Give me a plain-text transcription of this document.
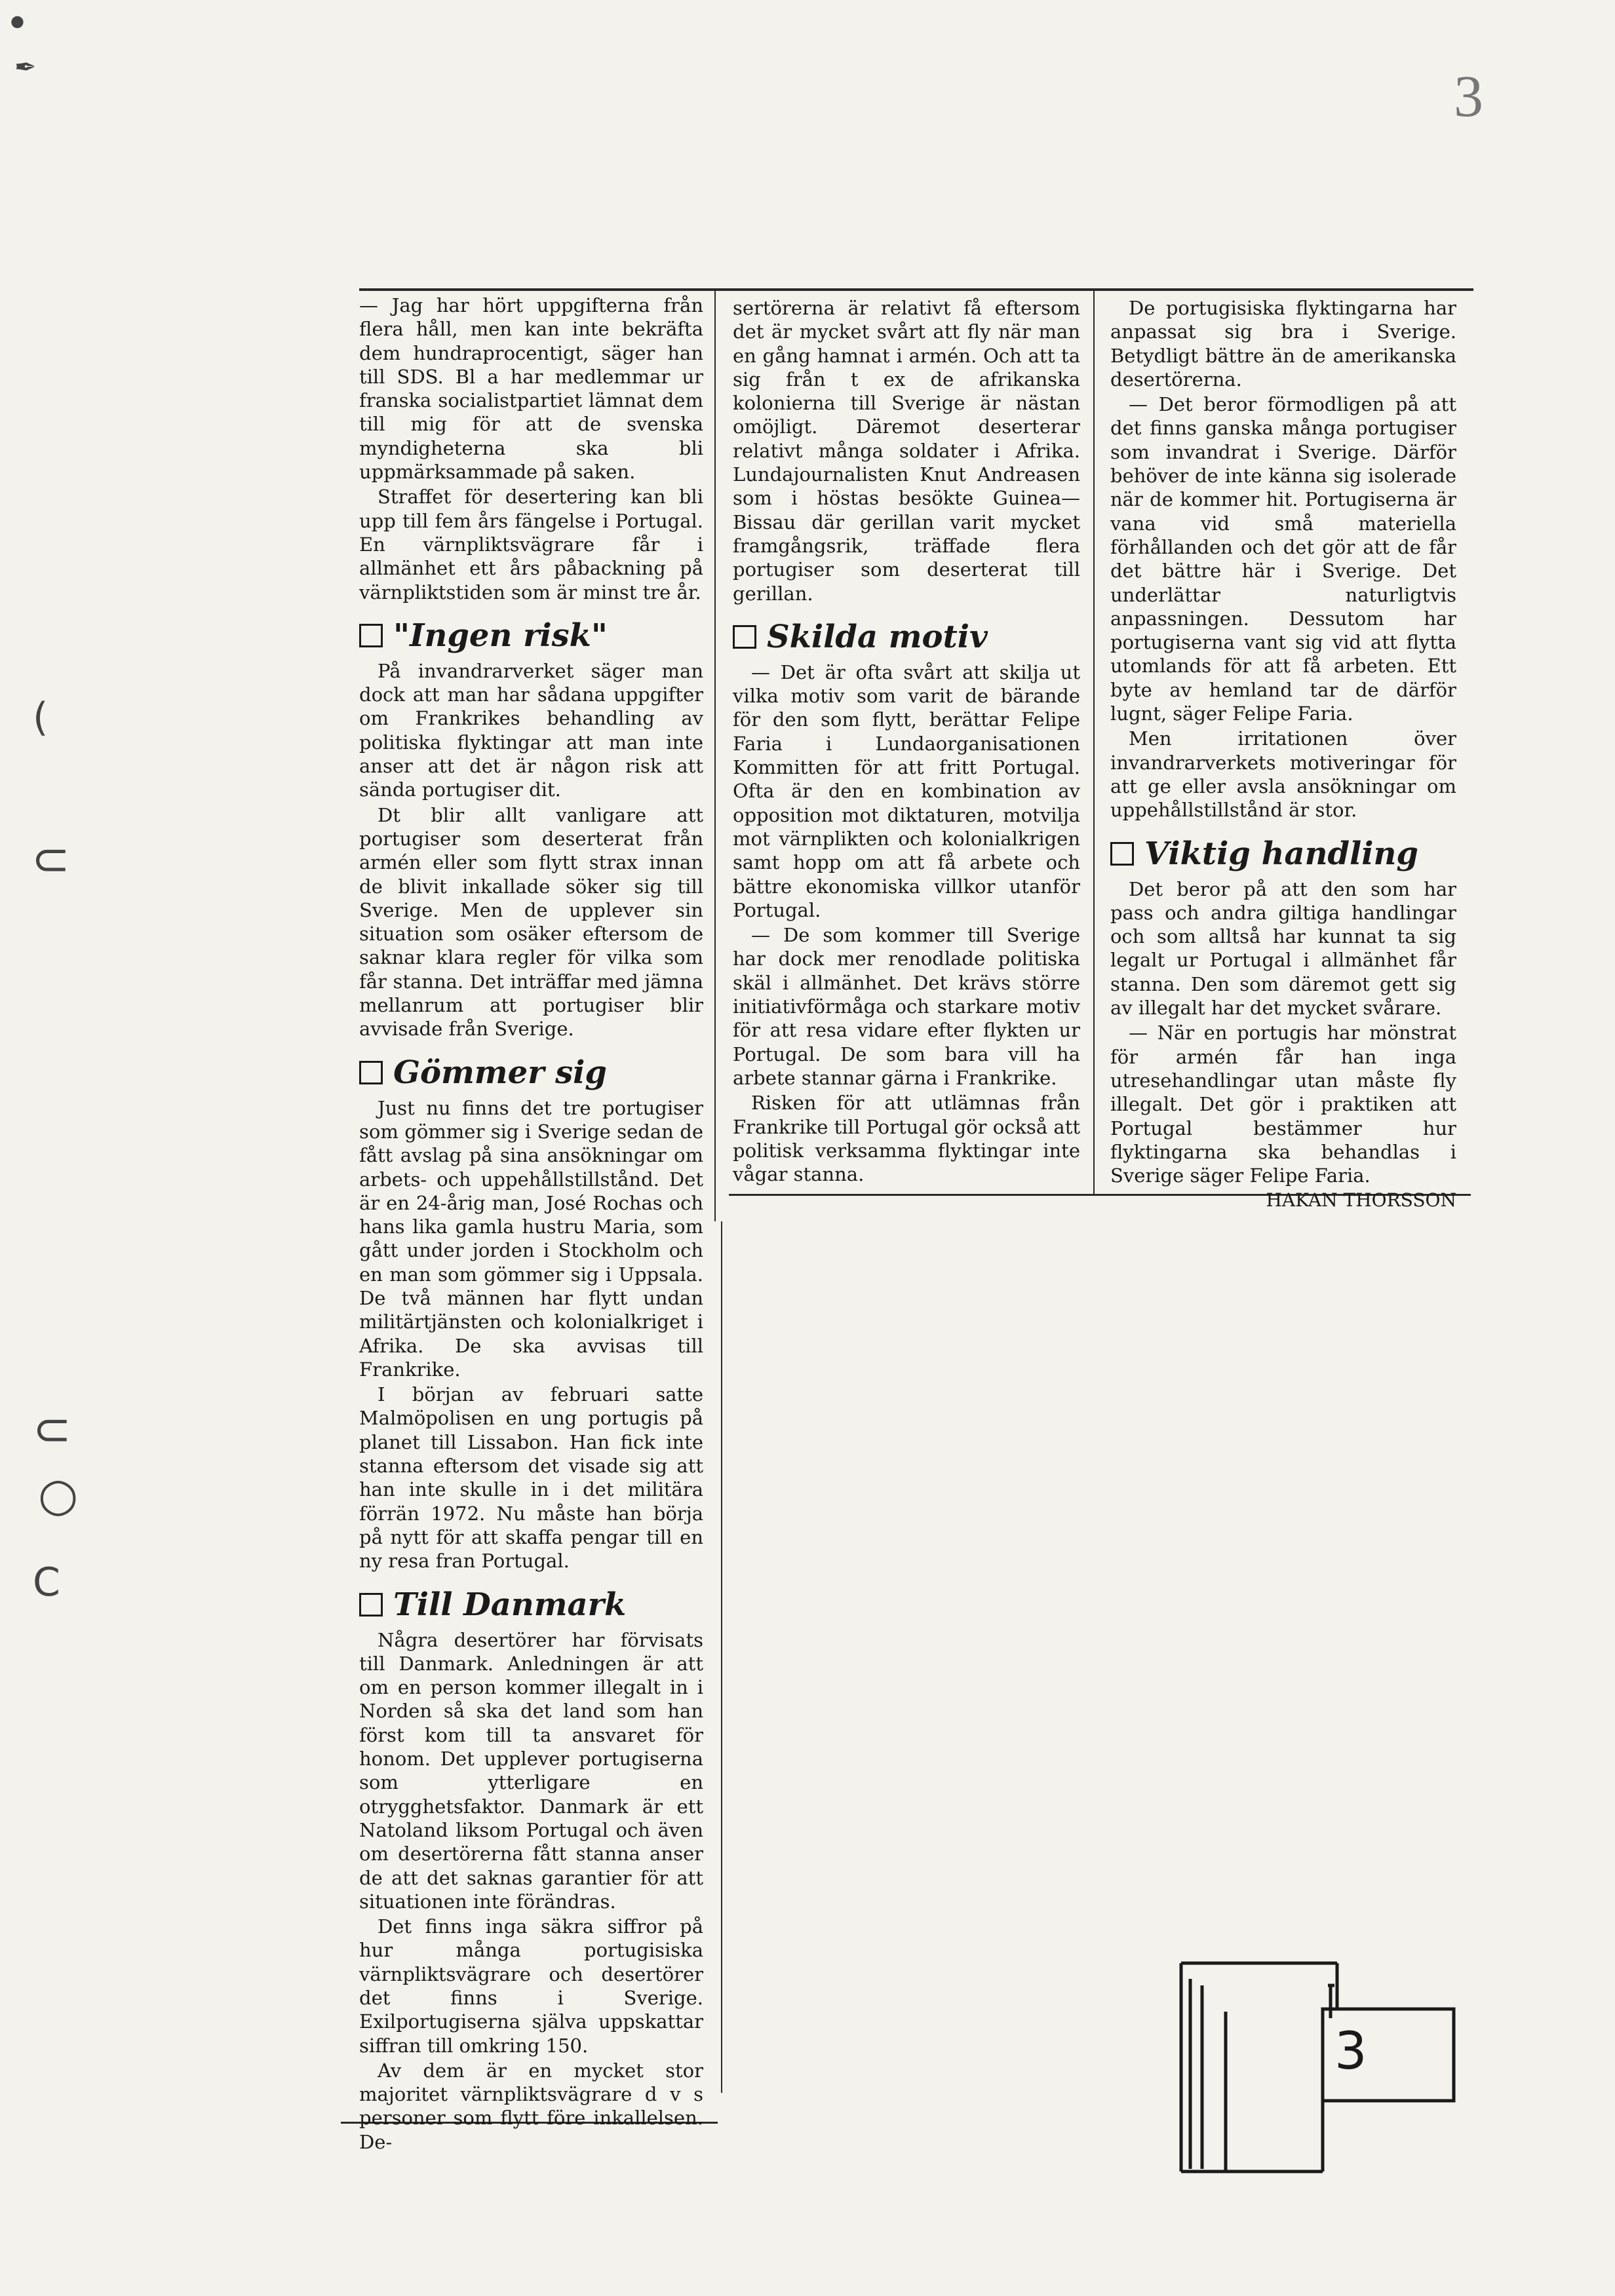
3
●
✒
(
⊂
⊂
○
C

— Jag har hört uppgifterna från flera håll, men kan inte bekräfta dem hundraprocentigt, säger han till SDS. Bl a har medlemmar ur franska socialistpartiet lämnat dem till mig för att de svenska myndigheterna ska bli uppmärksammade på saken.

Straffet för desertering kan bli upp till fem års fängelse i Portugal. En värnpliktsvägrare får i allmänhet ett års påbackning på värnpliktstiden som är minst tre år.

"Ingen risk"

På invandrarverket säger man dock att man har sådana uppgifter om Frankrikes behandling av politiska flyktingar att man inte anser att det är någon risk att sända portugiser dit.

Dt blir allt vanligare att portugiser som deserterat från armén eller som flytt strax innan de blivit inkallade söker sig till Sverige. Men de upplever sin situation som osäker eftersom de saknar klara regler för vilka som får stanna. Det inträffar med jämna mellanrum att portugiser blir avvisade från Sverige.

Gömmer sig

Just nu finns det tre portugiser som gömmer sig i Sverige sedan de fått avslag på sina ansökningar om arbets- och uppehållstillstånd. Det är en 24-årig man, José Rochas och hans lika gamla hustru Maria, som gått under jorden i Stockholm och en man som gömmer sig i Uppsala. De två männen har flytt undan militärtjänsten och kolonialkriget i Afrika. De ska avvisas till Frankrike.

I början av februari satte Malmöpolisen en ung portugis på planet till Lissabon. Han fick inte stanna eftersom det visade sig att han inte skulle in i det militära förrän 1972. Nu måste han börja på nytt för att skaffa pengar till en ny resa fran Portugal.

Till Danmark

Några desertörer har förvisats till Danmark. Anledningen är att om en person kommer illegalt in i Norden så ska det land som han först kom till ta ansvaret för honom. Det upplever portugiserna som ytterligare en otrygghetsfaktor. Danmark är ett Natoland liksom Portugal och även om desertörerna fått stanna anser de att det saknas garantier för att situationen inte förändras.

Det finns inga säkra siffror på hur många portugisiska värnpliktsvägrare och desertörer det finns i Sverige. Exilportugiserna själva uppskattar siffran till omkring 150.

Av dem är en mycket stor majoritet värnpliktsvägrare d v s personer som flytt före inkallelsen. De-

sertörerna är relativt få eftersom det är mycket svårt att fly när man en gång hamnat i armén. Och att ta sig från t ex de afrikanska kolonierna till Sverige är nästan omöjligt. Däremot deserterar relativt många soldater i Afrika. Lundajournalisten Knut Andreasen som i höstas besökte Guinea—Bissau där gerillan varit mycket framgångsrik, träffade flera portugiser som deserterat till gerillan.

Skilda motiv

— Det är ofta svårt att skilja ut vilka motiv som varit de bärande för den som flytt, berättar Felipe Faria i Lundaorganisationen Kommitten för att fritt Portugal. Ofta är den en kombination av opposition mot diktaturen, motvilja mot värnplikten och kolonialkrigen samt hopp om att få arbete och bättre ekonomiska villkor utanför Portugal.

— De som kommer till Sverige har dock mer renodlade politiska skäl i allmänhet. Det krävs större initiativförmåga och starkare motiv för att resa vidare efter flykten ur Portugal. De som bara vill ha arbete stannar gärna i Frankrike.

Risken för att utlämnas från Frankrike till Portugal gör också att politisk verksamma flyktingar inte vågar stanna.

De portugisiska flyktingarna har anpassat sig bra i Sverige. Betydligt bättre än de amerikanska desertörerna.

— Det beror förmodligen på att det finns ganska många portugiser som invandrat i Sverige. Därför behöver de inte känna sig isolerade när de kommer hit. Portugiserna är vana vid små materiella förhållanden och det gör att de får det bättre här i Sverige. Det underlättar naturligtvis anpassningen. Dessutom har portugiserna vant sig vid att flytta utomlands för att få arbeten. Ett byte av hemland tar de därför lugnt, säger Felipe Faria.

Men irritationen över invandrarverkets motiveringar för att ge eller avsla ansökningar om uppehållstillstånd är stor.

Viktig handling

Det beror på att den som har pass och andra giltiga handlingar och som alltså har kunnat ta sig legalt ur Portugal i allmänhet får stanna. Den som däremot gett sig av illegalt har det mycket svårare.

— När en portugis har mönstrat för armén får han inga utresehandlingar utan måste fly illegalt. Det gör i praktiken att Portugal bestämmer hur flyktingarna ska behandlas i Sverige säger Felipe Faria.

HAKAN THORSSON
3
